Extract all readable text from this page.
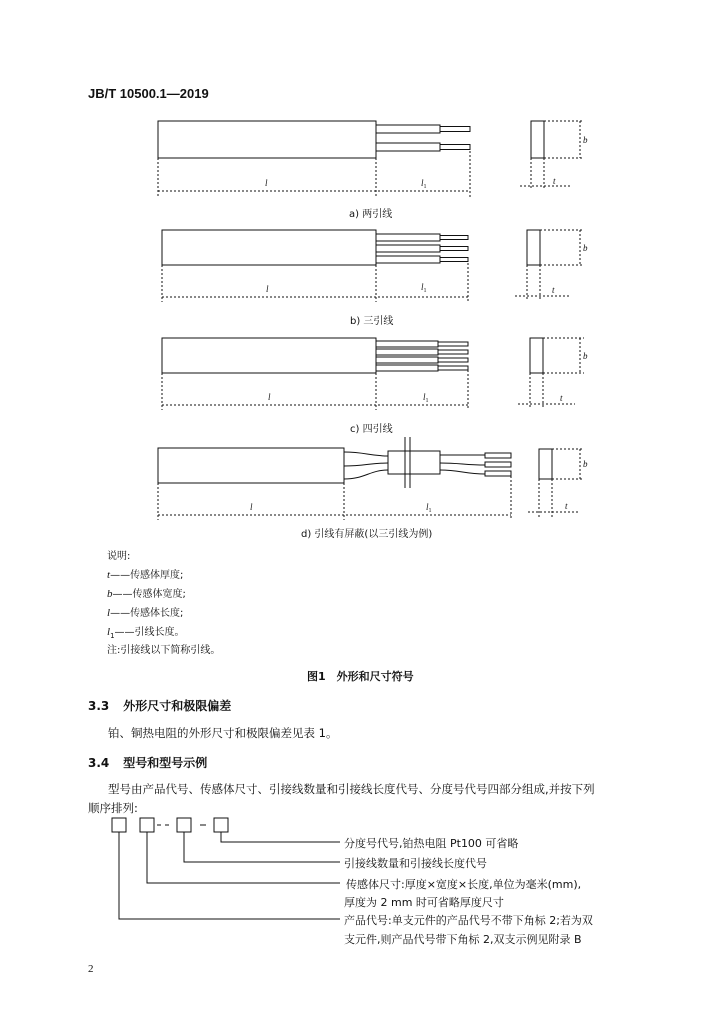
JB/T 10500.1—2019
l	$l_1$
b
t
l	$l_1$
b
t
l	$l_1$
b
t
l	$l_1$
b
t
a) 两引线
b) 三引线
c) 四引线
d) 引线有屏蔽(以三引线为例)
说明:
t——传感体厚度;
b——传感体宽度;
l——传感体长度;
$l_1——$引线长度。
注:引接线以下简称引线。
图1　外形和尺寸符号
3.3 外形尺寸和极限偏差
铂、铜热电阻的外形尺寸和极限偏差见表 1。
3.4 型号和型号示例
型号由产品代号、传感体尺寸、引接线数量和引接线长度代号、分度号代号四部分组成,并按下列
顺序排列:
分度号代号,铂热电阻 Pt100 可省略
引接线数量和引接线长度代号
传感体尺寸:厚度×宽度×长度,单位为毫米(mm),
厚度为 2 mm 时可省略厚度尺寸
产品代号:单支元件的产品代号不带下角标 2;若为双
支元件,则产品代号带下角标 2,双支示例见附录 B
2
